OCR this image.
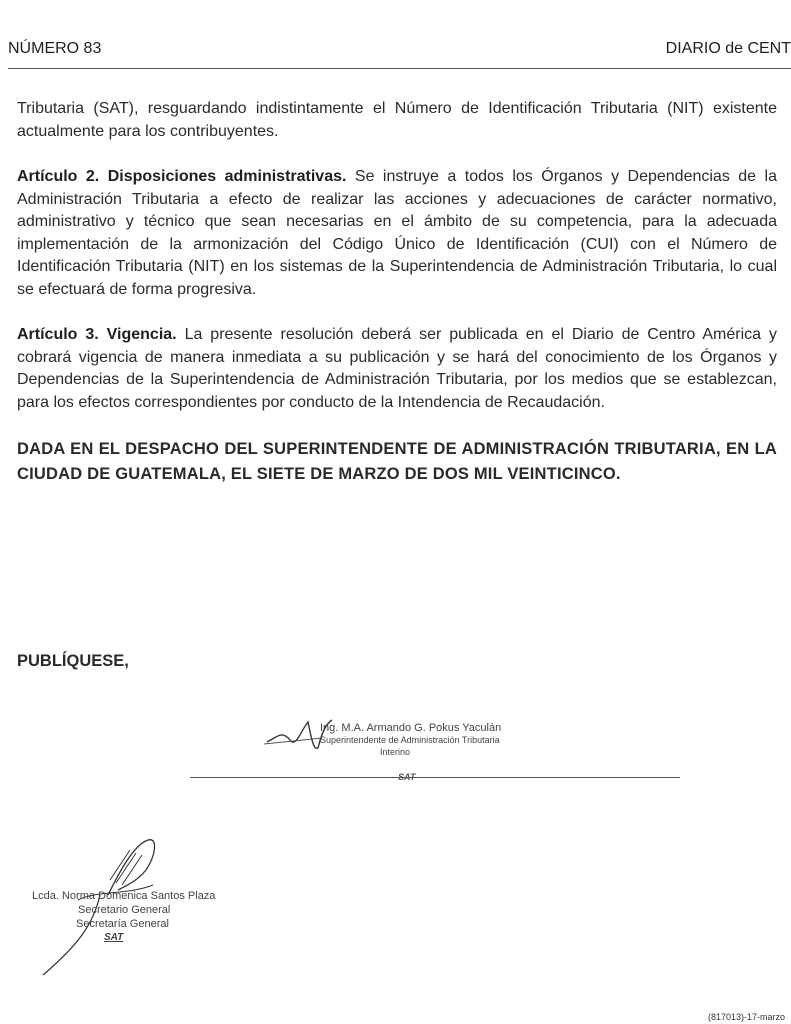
NÚMERO 83	DIARIO de CENT

Tributaria (SAT), resguardando indistintamente el Número de Identificación Tributaria (NIT) existente actualmente para los contribuyentes.

Artículo 2. Disposiciones administrativas. Se instruye a todos los Órganos y Dependencias de la Administración Tributaria a efecto de realizar las acciones y adecuaciones de carácter normativo, administrativo y técnico que sean necesarias en el ámbito de su competencia, para la adecuada implementación de la armonización del Código Único de Identificación (CUI) con el Número de Identificación Tributaria (NIT) en los sistemas de la Superintendencia de Administración Tributaria, lo cual se efectuará de forma progresiva.

Artículo 3. Vigencia. La presente resolución deberá ser publicada en el Diario de Centro América y cobrará vigencia de manera inmediata a su publicación y se hará del conocimiento de los Órganos y Dependencias de la Superintendencia de Administración Tributaria, por los medios que se establezcan, para los efectos correspondientes por conducto de la Intendencia de Recaudación.

DADA EN EL DESPACHO DEL SUPERINTENDENTE DE ADMINISTRACIÓN TRIBUTARIA, EN LA CIUDAD DE GUATEMALA, EL SIETE DE MARZO DE DOS MIL VEINTICINCO.

PUBLÍQUESE,
Ing. M.A. Armando G. Pokus Yaculán
Superintendente de Administración Tributaria
Interino
SAT
Lcda. Norma Domenica Santos Plaza
Secretario General
Secretaría General
SAT
(817013)-17-marzo
